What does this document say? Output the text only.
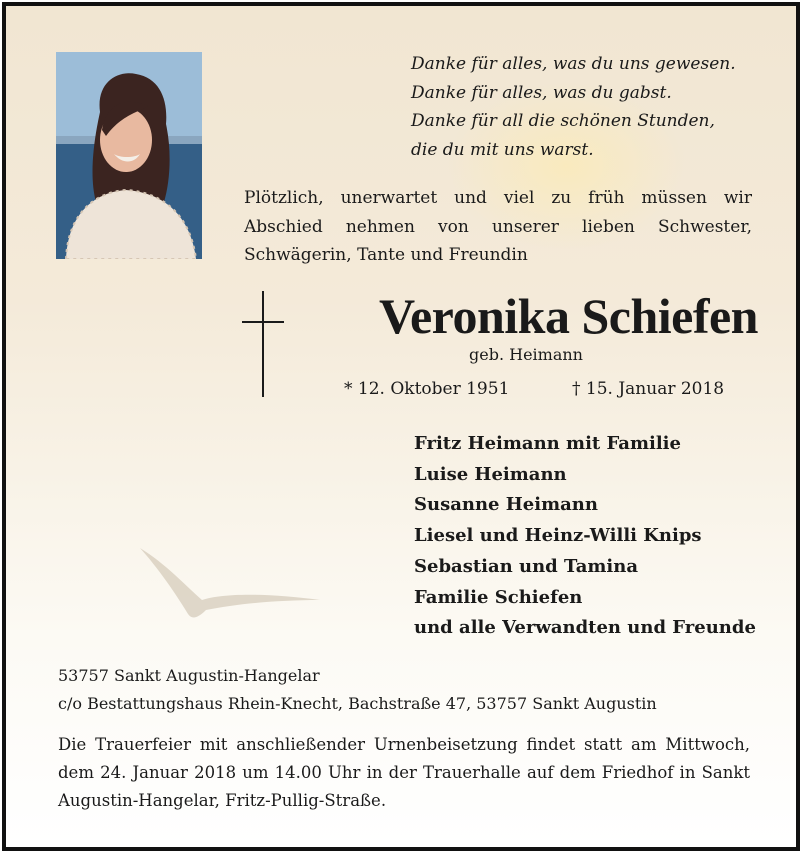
Danke für alles, was du uns gewesen.
Danke für alles, was du gabst.
Danke für all die schönen Stunden,
die du mit uns warst.
Plötzlich, unerwartet und viel zu früh müssen wir Abschied nehmen von unserer lieben Schwester, Schwägerin, Tante und Freundin
Veronika Schiefen
geb. Heimann
* 12. Oktober 1951	† 15. Januar 2018
Fritz Heimann mit Familie
Luise Heimann
Susanne Heimann
Liesel und Heinz-Willi Knips
Sebastian und Tamina
Familie Schiefen
und alle Verwandten und Freunde
53757 Sankt Augustin-Hangelar
c/o Bestattungshaus Rhein-Knecht, Bachstraße 47, 53757 Sankt Augustin
Die Trauerfeier mit anschließender Urnenbeisetzung findet statt am Mittwoch, dem 24. Januar 2018 um 14.00 Uhr in der Trauerhalle auf dem Friedhof in Sankt Augustin-Hangelar, Fritz-Pullig-Straße.
